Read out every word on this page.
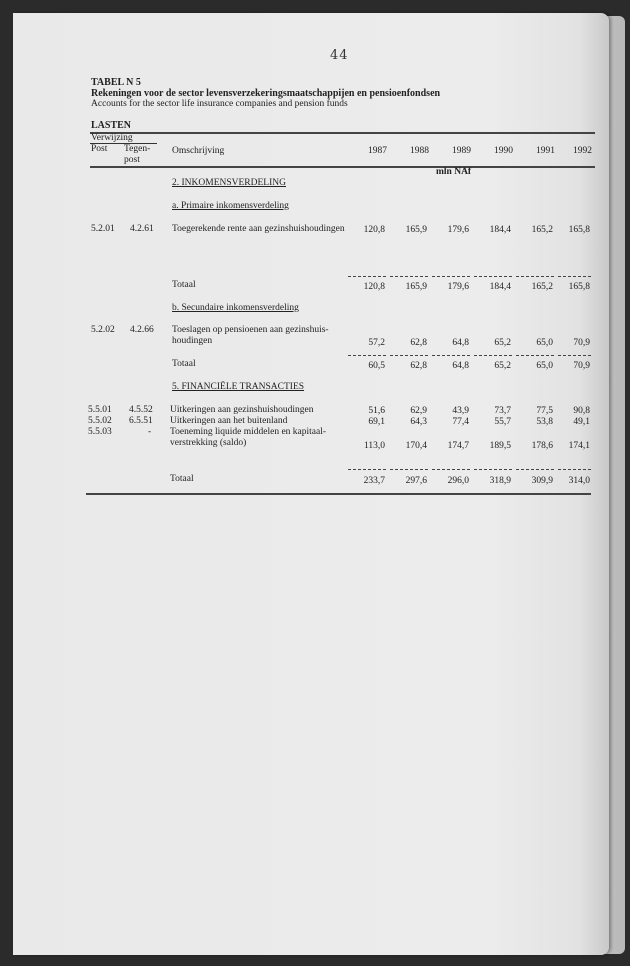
44
TABEL N 5
Rekeningen voor de sector levensverzekeringsmaatschappijen en pensioenfondsen
Accounts for the sector life insurance companies and pension funds
LASTEN
Verwijzing
Post Tegen-
post
Omschrijving	1987	1988	1989	1990	1991	1992
mln NAf
2. INKOMENSVERDELING
a. Primaire inkomensverdeling
5.2.01 4.2.61 Toegerekende rente aan gezinshuishoudingen	120,8	165,9	179,6	184,4	165,2	165,8
Totaal	120,8	165,9	179,6	184,4	165,2	165,8
b. Secundaire inkomensverdeling
5.2.02 4.2.66 Toeslagen op pensioenen aan gezinshuis-
houdingen	57,2	62,8	64,8	65,2	65,0	70,9
Totaal	60,5	62,8	64,8	65,2	65,0	70,9
5. FINANCIËLE TRANSACTIES
5.5.01 4.5.52 Uitkeringen aan gezinshuishoudingen	51,6	62,9	43,9	73,7	77,5	90,8
5.5.02 6.5.51 Uitkeringen aan het buitenland	69,1	64,3	77,4	55,7	53,8	49,1
5.5.03	- Toeneming liquide middelen en kapitaal-
verstrekking (saldo)	113,0	170,4	174,7	189,5	178,6	174,1
Totaal	233,7	297,6	296,0	318,9	309,9	314,0
